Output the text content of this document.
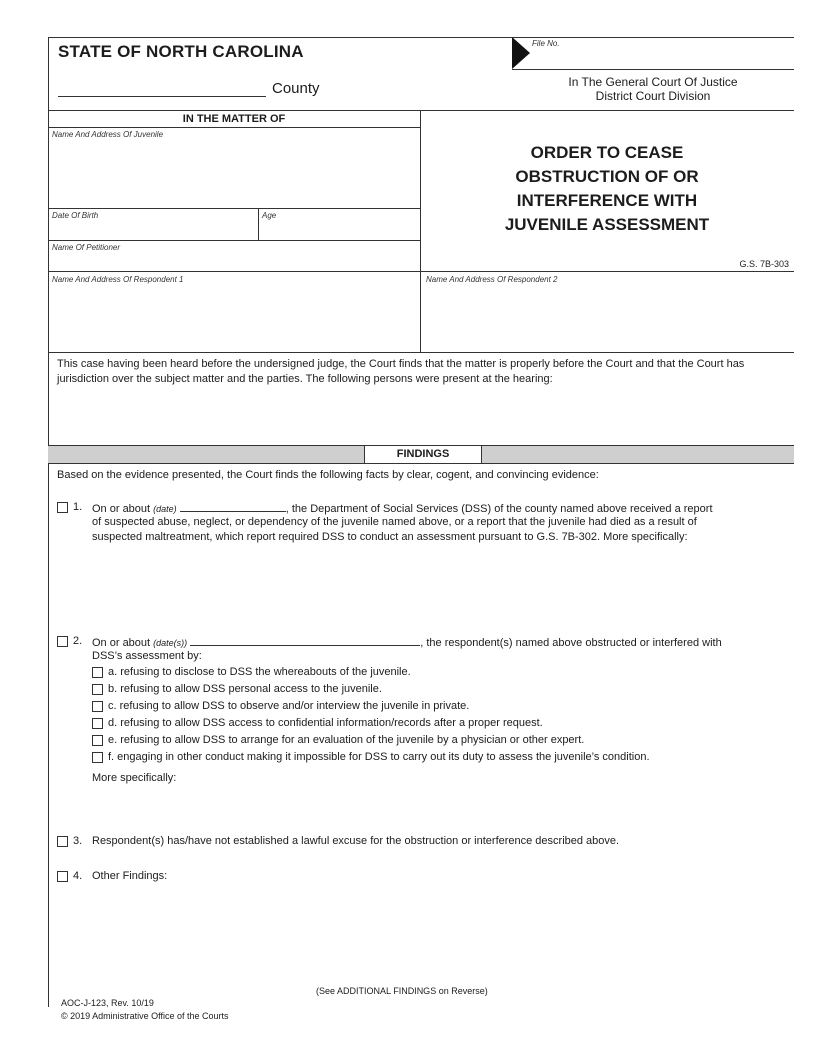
STATE OF NORTH CAROLINA
County
File No.
In The General Court Of Justice
District Court Division
IN THE MATTER OF
Name And Address Of Juvenile
Date Of Birth	Age
Name Of Petitioner
Name And Address Of Respondent 1	Name And Address Of Respondent 2
ORDER TO CEASE
OBSTRUCTION OF OR
INTERFERENCE WITH
JUVENILE ASSESSMENT
G.S. 7B-303
This case having been heard before the undersigned judge, the Court finds that the matter is properly before the Court and that the Court has jurisdiction over the subject matter and the parties. The following persons were present at the hearing:
FINDINGS
Based on the evidence presented, the Court finds the following facts by clear, cogent, and convincing evidence:
1. On or about (date)	, the Department of Social Services (DSS) of the county named above received a report
of suspected abuse, neglect, or dependency of the juvenile named above, or a report that the juvenile had died as a result of
suspected maltreatment, which report required DSS to conduct an assessment pursuant to G.S. 7B-302. More specifically:
2. On or about (date(s))	, the respondent(s) named above obstructed or interfered with
DSS’s assessment by:
a. refusing to disclose to DSS the whereabouts of the juvenile.
b. refusing to allow DSS personal access to the juvenile.
c. refusing to allow DSS to observe and/or interview the juvenile in private.
d. refusing to allow DSS access to confidential information/records after a proper request.
e. refusing to allow DSS to arrange for an evaluation of the juvenile by a physician or other expert.
f. engaging in other conduct making it impossible for DSS to carry out its duty to assess the juvenile’s condition.
More specifically:
3. Respondent(s) has/have not established a lawful excuse for the obstruction or interference described above.
4. Other Findings:
(See ADDITIONAL FINDINGS on Reverse)
AOC-J-123, Rev. 10/19
© 2019 Administrative Office of the Courts
